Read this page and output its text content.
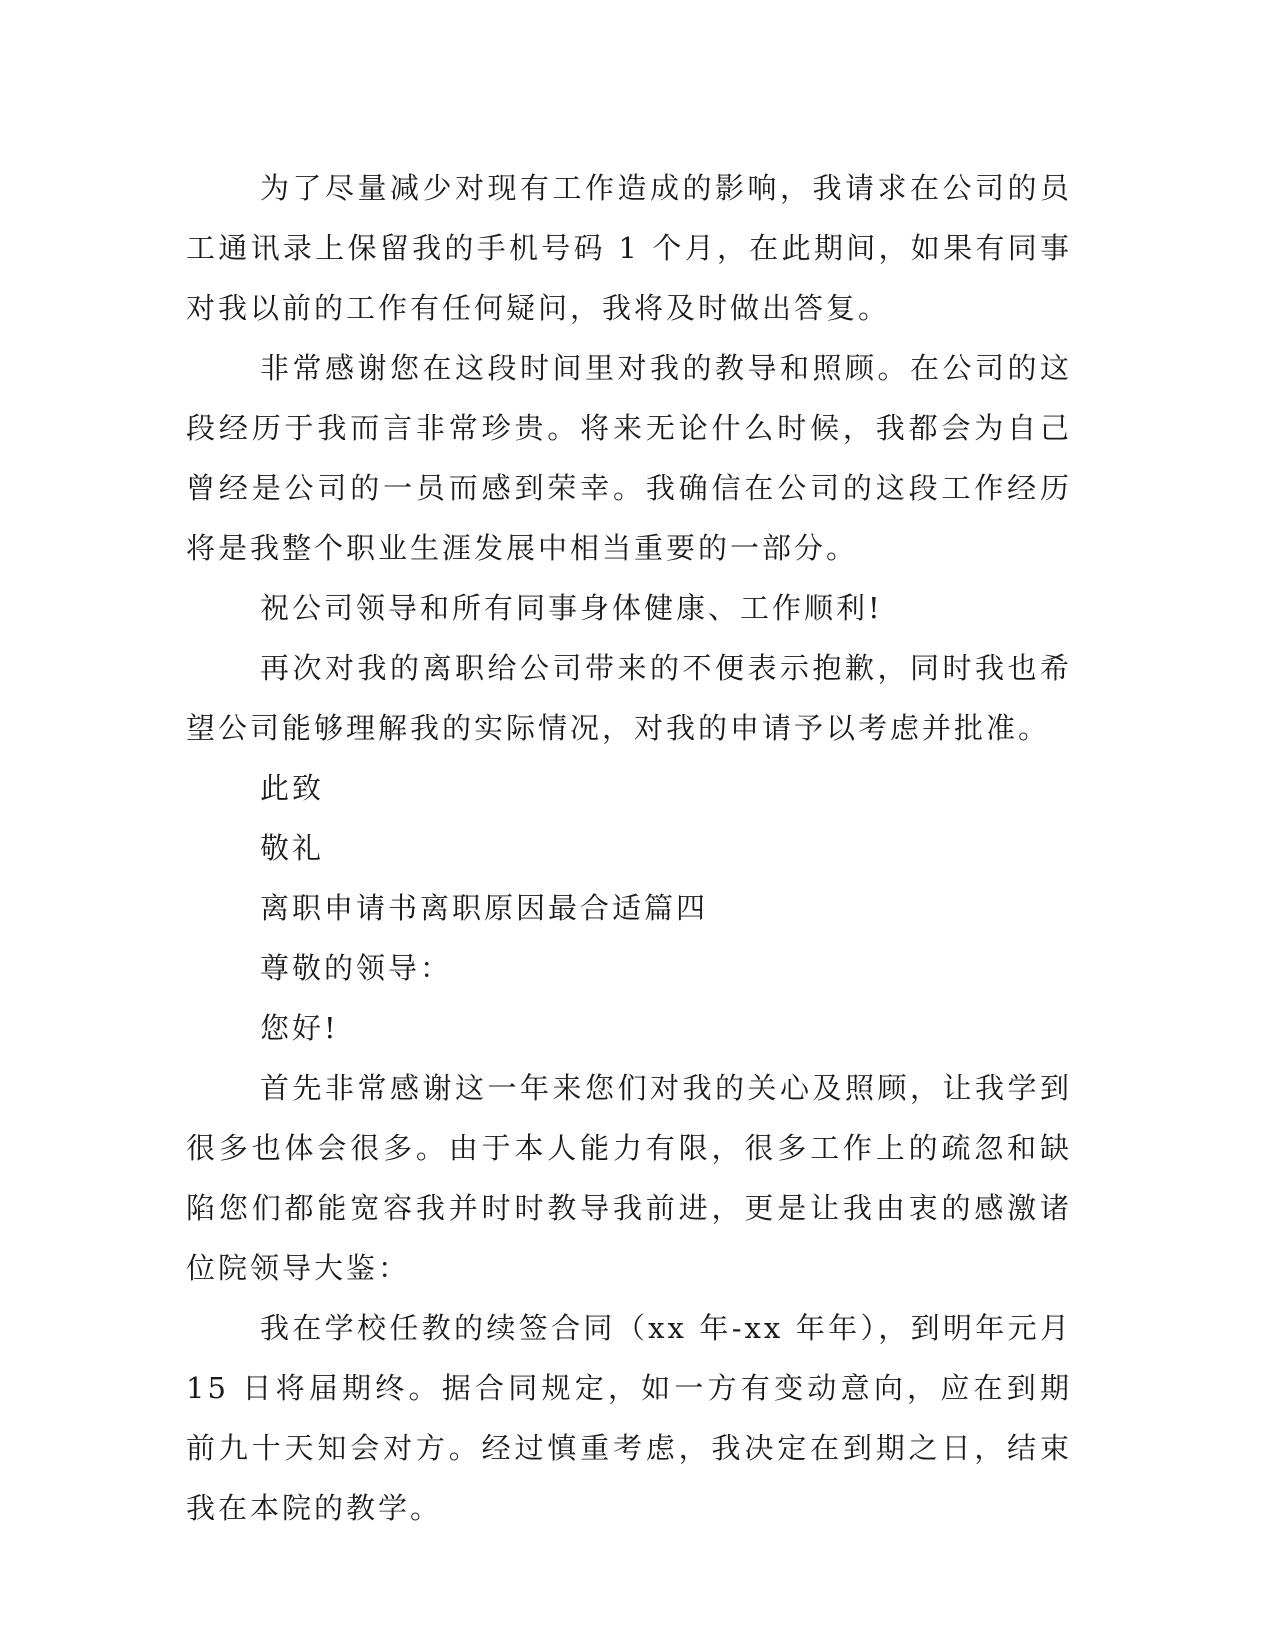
为了尽量减少对现有工作造成的影响，我请求在公司的员工通讯录上保留我的手机号码 1 个月，在此期间，如果有同事对我以前的工作有任何疑问，我将及时做出答复。

非常感谢您在这段时间里对我的教导和照顾。在公司的这段经历于我而言非常珍贵。将来无论什么时候，我都会为自己曾经是公司的一员而感到荣幸。我确信在公司的这段工作经历将是我整个职业生涯发展中相当重要的一部分。

祝公司领导和所有同事身体健康、工作顺利!

再次对我的离职给公司带来的不便表示抱歉，同时我也希望公司能够理解我的实际情况，对我的申请予以考虑并批准。

此致

敬礼

离职申请书离职原因最合适篇四

尊敬的领导：

您好!

首先非常感谢这一年来您们对我的关心及照顾，让我学到很多也体会很多。由于本人能力有限，很多工作上的疏忽和缺陷您们都能宽容我并时时教导我前进，更是让我由衷的感激诸位院领导大鉴：

我在学校任教的续签合同（xx 年-xx 年年），到明年元月 15 日将届期终。据合同规定，如一方有变动意向，应在到期前九十天知会对方。经过慎重考虑，我决定在到期之日，结束我在本院的教学。
